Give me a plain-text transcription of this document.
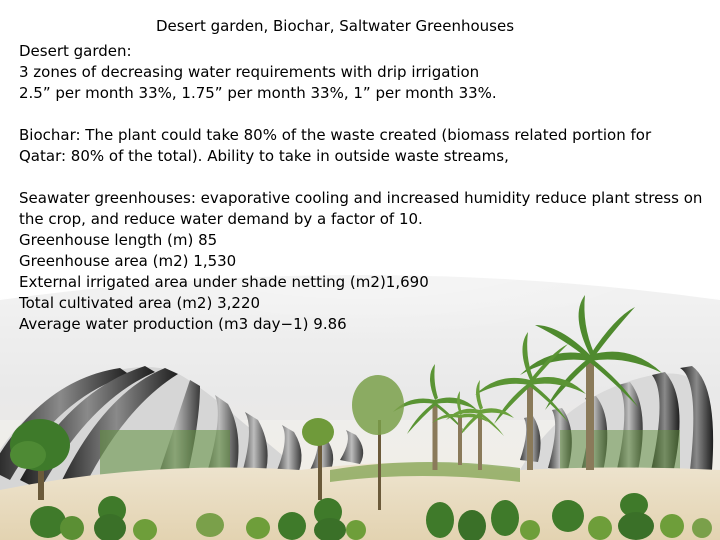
Desert garden, Biochar, Saltwater Greenhouses
Desert garden:
3 zones of decreasing water requirements with drip irrigation
2.5” per month 33%, 1.75” per month 33%, 1” per month 33%.
Biochar: The plant could take 80% of the waste created (biomass related portion for
Qatar: 80% of the total). Ability to take in outside waste streams,
Seawater greenhouses: evaporative cooling and increased humidity reduce plant stress on
the crop, and reduce water demand by a factor of 10.
Greenhouse length (m) 85
Greenhouse area (m2) 1,530
External irrigated area under shade netting (m2)1,690
Total cultivated area (m2) 3,220
Average water production (m3 day−1) 9.86
